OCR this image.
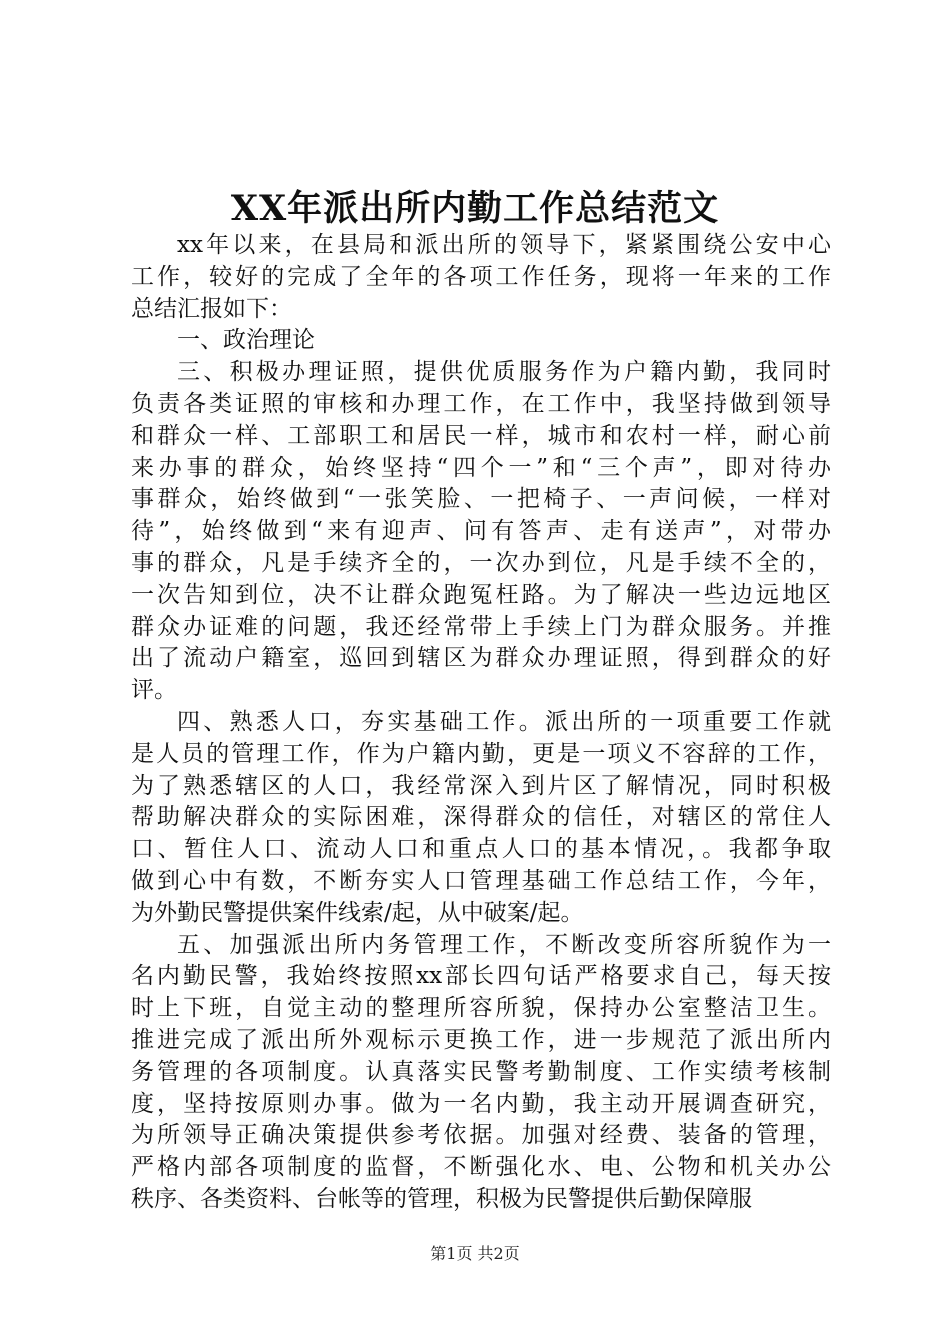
XX年派出所内勤工作总结范文
xx年以来，在县局和派出所的领导下，紧紧围绕公安中心
工作，较好的完成了全年的各项工作任务，现将一年来的工作
总结汇报如下：
一、政治理论
三、积极办理证照，提供优质服务作为户籍内勤，我同时
负责各类证照的审核和办理工作，在工作中，我坚持做到领导
和群众一样、工部职工和居民一样，城市和农村一样，耐心前
来办事的群众，始终坚持“四个一”和“三个声”，即对待办
事群众，始终做到“一张笑脸、一把椅子、一声问候，一样对
待”，始终做到“来有迎声、问有答声、走有送声”，对带办
事的群众，凡是手续齐全的，一次办到位，凡是手续不全的，
一次告知到位，决不让群众跑冤枉路。为了解决一些边远地区
群众办证难的问题，我还经常带上手续上门为群众服务。并推
出了流动户籍室，巡回到辖区为群众办理证照，得到群众的好
评。
四、熟悉人口，夯实基础工作。派出所的一项重要工作就
是人员的管理工作，作为户籍内勤，更是一项义不容辞的工作，
为了熟悉辖区的人口，我经常深入到片区了解情况，同时积极
帮助解决群众的实际困难，深得群众的信任，对辖区的常住人
口、暂住人口、流动人口和重点人口的基本情况，。我都争取
做到心中有数，不断夯实人口管理基础工作总结工作，今年，
为外勤民警提供案件线索/起，从中破案/起。
五、加强派出所内务管理工作，不断改变所容所貌作为一
名内勤民警，我始终按照xx部长四句话严格要求自己，每天按
时上下班，自觉主动的整理所容所貌，保持办公室整洁卫生。
推进完成了派出所外观标示更换工作，进一步规范了派出所内
务管理的各项制度。认真落实民警考勤制度、工作实绩考核制
度，坚持按原则办事。做为一名内勤，我主动开展调查研究，
为所领导正确决策提供参考依据。加强对经费、装备的管理，
严格内部各项制度的监督，不断强化水、电、公物和机关办公
秩序、各类资料、台帐等的管理，积极为民警提供后勤保障服
第1页 共2页
